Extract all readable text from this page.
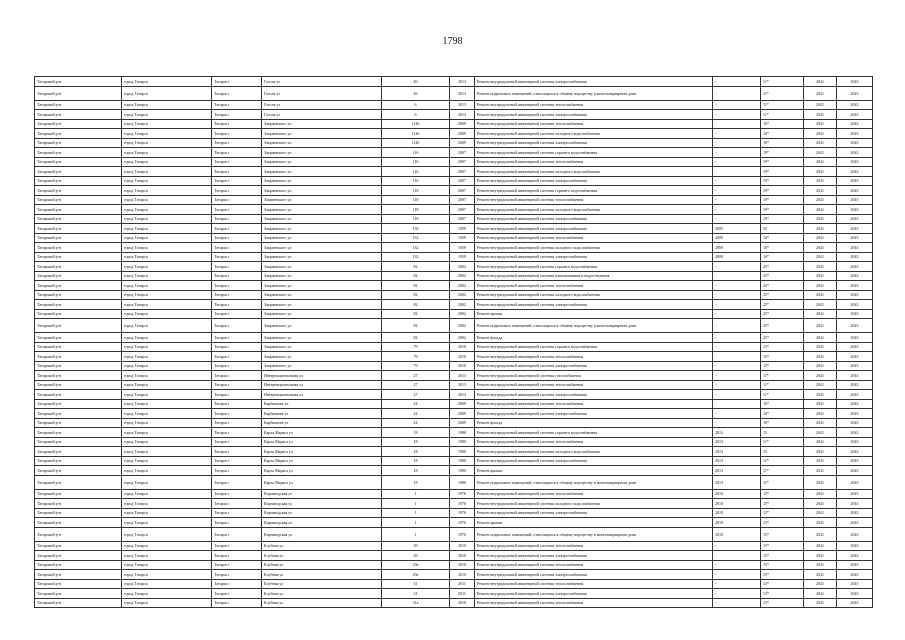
1798
Татарский р-н	город Татарск	Татарск г	Гоголя ул	4б	2013	Ремонт внутридомовой инженерной системы электроснабжения	-	11*	2041	2043
Татарский р-н	город Татарск	Татарск г	Гоголя ул	4б	2013	Ремонт подвальных помещений, относящихся к общему имуществу в многоквартирном доме	-	11*	2041	2043
Татарский р-н	город Татарск	Татарск г	Гоголя ул	6	2013	Ремонт внутридомовой инженерной системы теплоснабжения	-	11*	2041	2043
Татарский р-н	город Татарск	Татарск г	Гоголя ул	6	2013	Ремонт внутридомовой инженерной системы электроснабжения	-	11*	2041	2043
Татарский р-н	город Татарск	Татарск г	Закриевского ул	114б	2009	Ремонт внутридомовой инженерной системы теплоснабжения	-	16*	2041	2043
Татарский р-н	город Татарск	Татарск г	Закриевского ул	114б	2009	Ремонт внутридомовой инженерной системы холодного водоснабжения	-	16*	2041	2043
Татарский р-н	город Татарск	Татарск г	Закриевского ул	114б	2009	Ремонт внутридомовой инженерной системы электроснабжения	-	16*	2041	2043
Татарский р-н	город Татарск	Татарск г	Закриевского ул	116	2007	Ремонт внутридомовой инженерной системы горячего водоснабжения	-	19*	2041	2043
Татарский р-н	город Татарск	Татарск г	Закриевского ул	116	2007	Ремонт внутридомовой инженерной системы теплоснабжения	-	19*	2041	2043
Татарский р-н	город Татарск	Татарск г	Закриевского ул	116	2007	Ремонт внутридомовой инженерной системы холодного водоснабжения	-	19*	2041	2043
Татарский р-н	город Татарск	Татарск г	Закриевского ул	116	2007	Ремонт внутридомовой инженерной системы электроснабжения	-	19*	2041	2043
Татарский р-н	город Татарск	Татарск г	Закриевского ул	118	2007	Ремонт внутридомовой инженерной системы горячего водоснабжения	-	19*	2041	2043
Татарский р-н	город Татарск	Татарск г	Закриевского ул	118	2007	Ремонт внутридомовой инженерной системы теплоснабжения	-	19*	2041	2043
Татарский р-н	город Татарск	Татарск г	Закриевского ул	118	2007	Ремонт внутридомовой инженерной системы холодного водоснабжения	-	19*	2041	2043
Татарский р-н	город Татарск	Татарск г	Закриевского ул	118	2007	Ремонт внутридомовой инженерной системы электроснабжения	-	19*	2041	2043
Татарский р-н	город Татарск	Татарск г	Закриевского ул	130	1959	Ремонт внутридомовой инженерной системы электроснабжения	2005	35	2041	2043
Татарский р-н	город Татарск	Татарск г	Закриевского ул	132	1959	Ремонт внутридомовой инженерной системы теплоснабжения	2009	16*	2041	2043
Татарский р-н	город Татарск	Татарск г	Закриевского ул	132	1959	Ремонт внутридомовой инженерной системы холодного водоснабжения	2009	16*	2041	2043
Татарский р-н	город Татарск	Татарск г	Закриевского ул	132	1959	Ремонт внутридомовой инженерной системы электроснабжения	2009	16*	2041	2043
Татарский р-н	город Татарск	Татарск г	Закриевского ул	82	2002	Ремонт внутридомовой инженерной системы горячего водоснабжения	-	25*	2041	2043
Татарский р-н	город Татарск	Татарск г	Закриевского ул	82	2002	Ремонт внутридомовой инженерной системы канализования и водоотведения	-	25*	2041	2043
Татарский р-н	город Татарск	Татарск г	Закриевского ул	82	2002	Ремонт внутридомовой инженерной системы теплоснабжения	-	25*	2041	2043
Татарский р-н	город Татарск	Татарск г	Закриевского ул	82	2002	Ремонт внутридомовой инженерной системы холодного водоснабжения	-	25*	2041	2043
Татарский р-н	город Татарск	Татарск г	Закриевского ул	82	2002	Ремонт внутридомовой инженерной системы электроснабжения	-	25*	2041	2043
Татарский р-н	город Татарск	Татарск г	Закриевского ул	82	2002	Ремонт крыши	-	25*	2041	2043
Татарский р-н	город Татарск	Татарск г	Закриевского ул	82	2002	Ремонт подвальных помещений, относящихся к общему имуществу в многоквартирном доме	-	25*	2041	2043
Татарский р-н	город Татарск	Татарск г	Закриевского ул	82	2002	Ремонт фасада	-	25*	2041	2043
Татарский р-н	город Татарск	Татарск г	Закриевского ул	79	2010	Ремонт внутридомовой инженерной системы горячего водоснабжения	-	15*	2041	2043
Татарский р-н	город Татарск	Татарск г	Закриевского ул	79	2010	Ремонт внутридомовой инженерной системы теплоснабжения	-	15*	2041	2043
Татарский р-н	город Татарск	Татарск г	Закриевского ул	79	2010	Ремонт внутридомовой инженерной системы электроснабжения	-	15*	2041	2043
Татарский р-н	город Татарск	Татарск г	Интернациональная ул	27	2013	Ремонт внутридомовой инженерной системы газоснабжения	-	11*	2041	2043
Татарский р-н	город Татарск	Татарск г	Интернациональная ул	27	2013	Ремонт внутридомовой инженерной системы теплоснабжения	-	11*	2041	2043
Татарский р-н	город Татарск	Татарск г	Интернациональная ул	27	2013	Ремонт внутридомовой инженерной системы электроснабжения	-	11*	2041	2043
Татарский р-н	город Татарск	Татарск г	Карбышева ул	24	2009	Ремонт внутридомовой инженерной системы теплоснабжения	-	16*	2041	2043
Татарский р-н	город Татарск	Татарск г	Карбышева ул	24	2009	Ремонт внутридомовой инженерной системы электроснабжения	-	16*	2041	2043
Татарский р-н	город Татарск	Татарск г	Карбышева ул	24	2009	Ремонт фасада	-	16*	2041	2043
Татарский р-н	город Татарск	Татарск г	Карла Маркса ул	18	1980	Ремонт внутридомовой инженерной системы горячего водоснабжения	2013	15	2041	2043
Татарский р-н	город Татарск	Татарск г	Карла Маркса ул	18	1980	Ремонт внутридомовой инженерной системы теплоснабжения	2013	11*	2041	2043
Татарский р-н	город Татарск	Татарск г	Карла Маркса ул	18	1980	Ремонт внутридомовой инженерной системы холодного водоснабжения	2013	15	2041	2043
Татарский р-н	город Татарск	Татарск г	Карла Маркса ул	18	1980	Ремонт внутридомовой инженерной системы электроснабжения	2013	11*	2041	2043
Татарский р-н	город Татарск	Татарск г	Карла Маркса ул	18	1980	Ремонт крыши	2013	11*	2041	2043
Татарский р-н	город Татарск	Татарск г	Карла Маркса ул	18	1980	Ремонт подвальных помещений, относящихся к общему имуществу в многоквартирном доме	2013	11*	2041	2043
Татарский р-н	город Татарск	Татарск г	Кирзаводская ул	1	1976	Ремонт внутридомовой инженерной системы теплоснабжения	2010	15*	2041	2043
Татарский р-н	город Татарск	Татарск г	Кирзаводская ул	1	1976	Ремонт внутридомовой инженерной системы холодного водоснабжения	2010	15*	2041	2043
Татарский р-н	город Татарск	Татарск г	Кирзаводская ул	1	1976	Ремонт внутридомовой инженерной системы электроснабжения	2010	15*	2041	2043
Татарский р-н	город Татарск	Татарск г	Кирзаводская ул	1	1976	Ремонт крыши	2010	15*	2041	2043
Татарский р-н	город Татарск	Татарск г	Кирзаводская ул	1	1976	Ремонт подвальных помещений, относящихся к общему имуществу в многоквартирном доме	2010	15*	2041	2043
Татарский р-н	город Татарск	Татарск г	Клубная ул	29	2010	Ремонт внутридомовой инженерной системы теплоснабжения	-	15*	2041	2043
Татарский р-н	город Татарск	Татарск г	Клубная ул	29	2010	Ремонт внутридомовой инженерной системы электроснабжения	-	15*	2041	2043
Татарский р-н	город Татарск	Татарск г	Клубная ул	29а	2010	Ремонт внутридомовой инженерной системы теплоснабжения	-	15*	2041	2043
Татарский р-н	город Татарск	Татарск г	Клубная ул	29а	2010	Ремонт внутридомовой инженерной системы электроснабжения	-	15*	2041	2043
Татарский р-н	город Татарск	Татарск г	Клубная ул	31	2011	Ремонт внутридомовой инженерной системы теплоснабжения	-	13*	2041	2043
Татарский р-н	город Татарск	Татарск г	Клубная ул	31	2011	Ремонт внутридомовой инженерной системы электроснабжения	-	13*	2041	2043
Татарский р-н	город Татарск	Татарск г	Клубная ул	31а	2010	Ремонт внутридомовой инженерной системы теплоснабжения	-	15*	2041	2043
